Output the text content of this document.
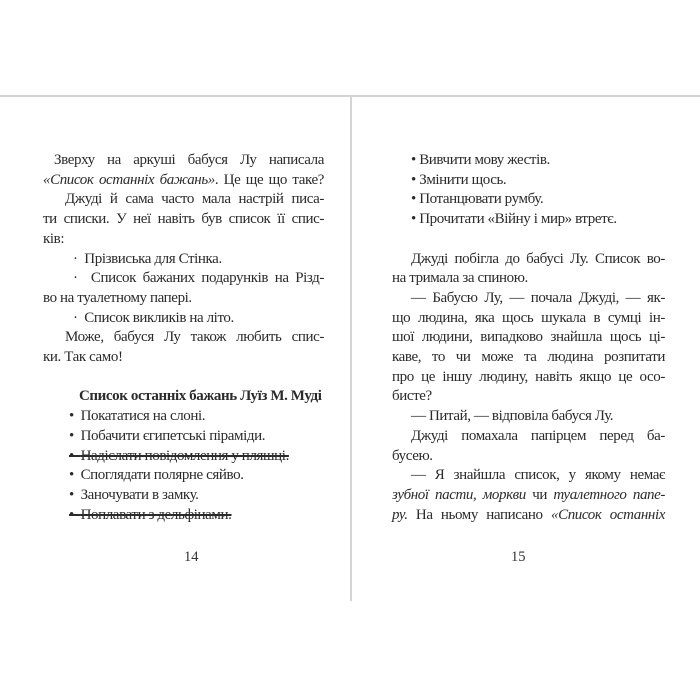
Зверху на аркуші бабуся Лу написала
«Список останніх бажань». Це ще що таке?
Джуді й сама часто мала настрій писа-
ти списки. У неї навіть був список її спис-
ків:
·  Прізвиська для Стінка.
·  Список бажаних подарунків на Різд-
во на туалетному папері.
·  Список викликів на літо.
Може, бабуся Лу також любить спис-
ки. Так само!
Список останніх бажань Луїз М. Муді
•  Покататися на слоні.
•  Побачити єгипетські піраміди.
•  Надіслати повідомлення у пляшці.
•  Споглядати полярне сяйво.
•  Заночувати в замку.
•  Поплавати з дельфінами.
• Вивчити мову жестів.
• Змінити щось.
• Потанцювати румбу.
• Прочитати «Війну і мир» втретє.
Джуді побігла до бабусі Лу. Список во-
на тримала за спиною.
— Бабусю Лу, — почала Джуді, — як-
що людина, яка щось шукала в сумці ін-
шої людини, випадково знайшла щось ці-
каве, то чи може та людина розпитати
про це іншу людину, навіть якщо це осо-
бисте?
— Питай, — відповіла бабуся Лу.
Джуді помахала папірцем перед ба-
бусею.
— Я знайшла список, у якому немає
зубної пасти, моркви чи туалетного папе-
ру. На ньому написано «Список останніх
14	15
